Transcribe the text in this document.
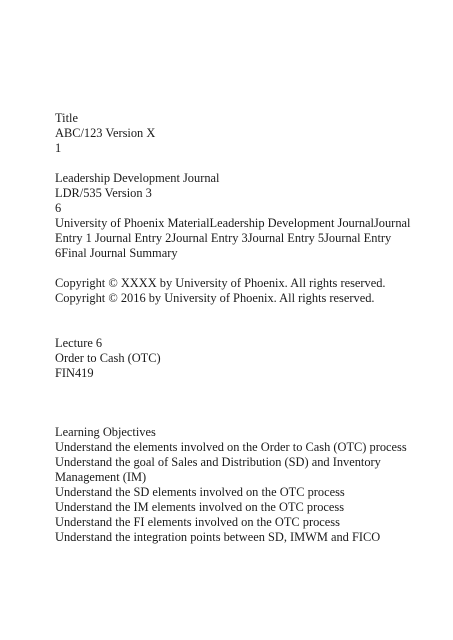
Title
ABC/123 Version X
1
Leadership Development Journal
LDR/535 Version 3
6
University of Phoenix MaterialLeadership Development JournalJournal Entry 1 Journal Entry 2Journal Entry 3Journal Entry 5Journal Entry 6Final Journal Summary
Copyright © XXXX by University of Phoenix. All rights reserved.
Copyright © 2016 by University of Phoenix. All rights reserved.
Lecture 6
Order to Cash (OTC)
FIN419
Learning Objectives
Understand the elements involved on the Order to Cash (OTC) process
Understand the goal of Sales and Distribution (SD) and Inventory Management (IM)
Understand the SD elements involved on the OTC process
Understand the IM elements involved on the OTC process
Understand the FI elements involved on the OTC process
Understand the integration points between SD, IMWM and FICO
